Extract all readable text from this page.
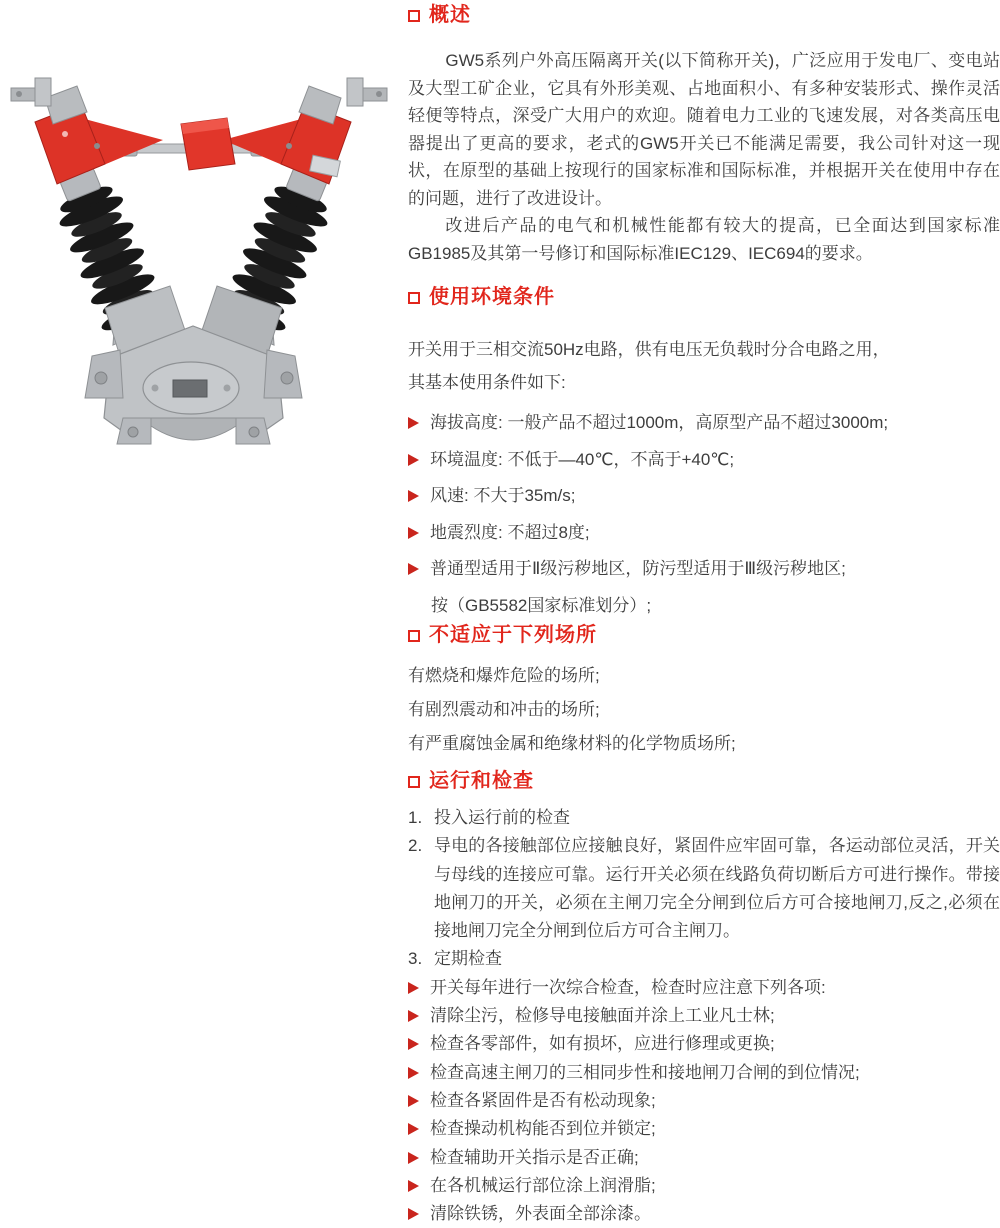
概述

GW5系列户外高压隔离开关(以下简称开关)，广泛应用于发电厂、变电站及大型工矿企业，它具有外形美观、占地面积小、有多种安装形式、操作灵活轻便等特点，深受广大用户的欢迎。随着电力工业的飞速发展，对各类高压电器提出了更高的要求，老式的GW5开关已不能满足需要，我公司针对这一现状，在原型的基础上按现行的国家标准和国际标准，并根据开关在使用中存在的问题，进行了改进设计。

改进后产品的电气和机械性能都有较大的提高，已全面达到国家标准GB1985及其第一号修订和国际标准IEC129、IEC694的要求。

使用环境条件

开关用于三相交流50Hz电路，供有电压无负载时分合电路之用，

其基本使用条件如下:

海拔高度: 一般产品不超过1000m，高原型产品不超过3000m;
环境温度: 不低于—40℃，不高于+40℃;
风速: 不大于35m/s;
地震烈度: 不超过8度;
普通型适用于Ⅱ级污秽地区，防污型适用于Ⅲ级污秽地区;
按（GB5582国家标准划分）;
不适应于下列场所

有燃烧和爆炸危险的场所;

有剧烈震动和冲击的场所;

有严重腐蚀金属和绝缘材料的化学物质场所;

运行和检查
1. 投入运行前的检查
2. 导电的各接触部位应接触良好，紧固件应牢固可靠，各运动部位灵活，开关与母线的连接应可靠。运行开关必须在线路负荷切断后方可进行操作。带接地闸刀的开关，必须在主闸刀完全分闸到位后方可合接地闸刀,反之,必须在接地闸刀完全分闸到位后方可合主闸刀。
3. 定期检查
开关每年进行一次综合检查，检查时应注意下列各项:
清除尘污，检修导电接触面并涂上工业凡士林;
检查各零部件，如有损坏，应进行修理或更换;
检查高速主闸刀的三相同步性和接地闸刀合闸的到位情况;
检查各紧固件是否有松动现象;
检查操动机构能否到位并锁定;
检查辅助开关指示是否正确;
在各机械运行部位涂上润滑脂;
清除铁锈，外表面全部涂漆。
